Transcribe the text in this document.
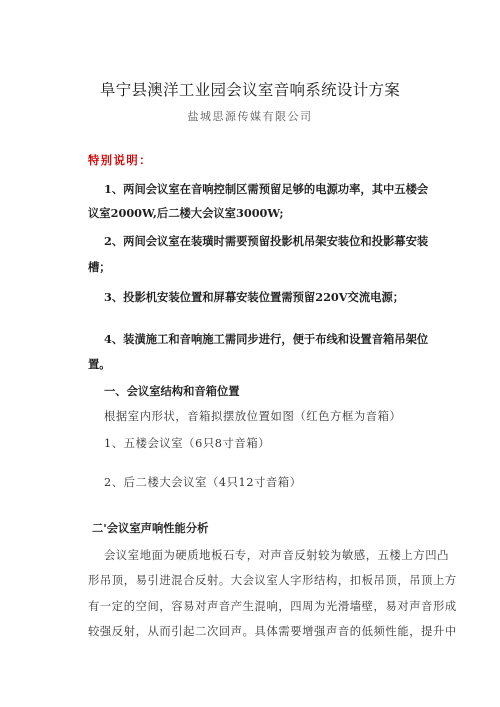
阜宁县澳洋工业园会议室音响系统设计方案
盐城思源传媒有限公司
特别说明：
1、两间会议室在音响控制区需预留足够的电源功率，其中五楼会
议室2000W,后二楼大会议室3000W;
2、两间会议室在装璜时需要预留投影机吊架安装位和投影幕安装
槽；
3、投影机安装位置和屏幕安装位置需预留220V交流电源；
4、装潢施工和音响施工需同步进行，便于布线和设置音箱吊架位
置。
一、会议室结构和音箱位置
根据室内形状，音箱拟摆放位置如图（红色方框为音箱）
1、五楼会议室（6只8寸音箱）
2、后二楼大会议室（4只12寸音箱）
二'会议室声响性能分析
会议室地面为硬质地板石专，对声音反射较为敏感，五楼上方凹凸
形吊顶，易引进混合反射。大会议室人字形结构，扣板吊顶，吊顶上方
有一定的空间，容易对声音产生混响，四周为光滑墙壁，易对声音形成
较强反射，从而引起二次回声。具体需要增强声音的低频性能，提升中
